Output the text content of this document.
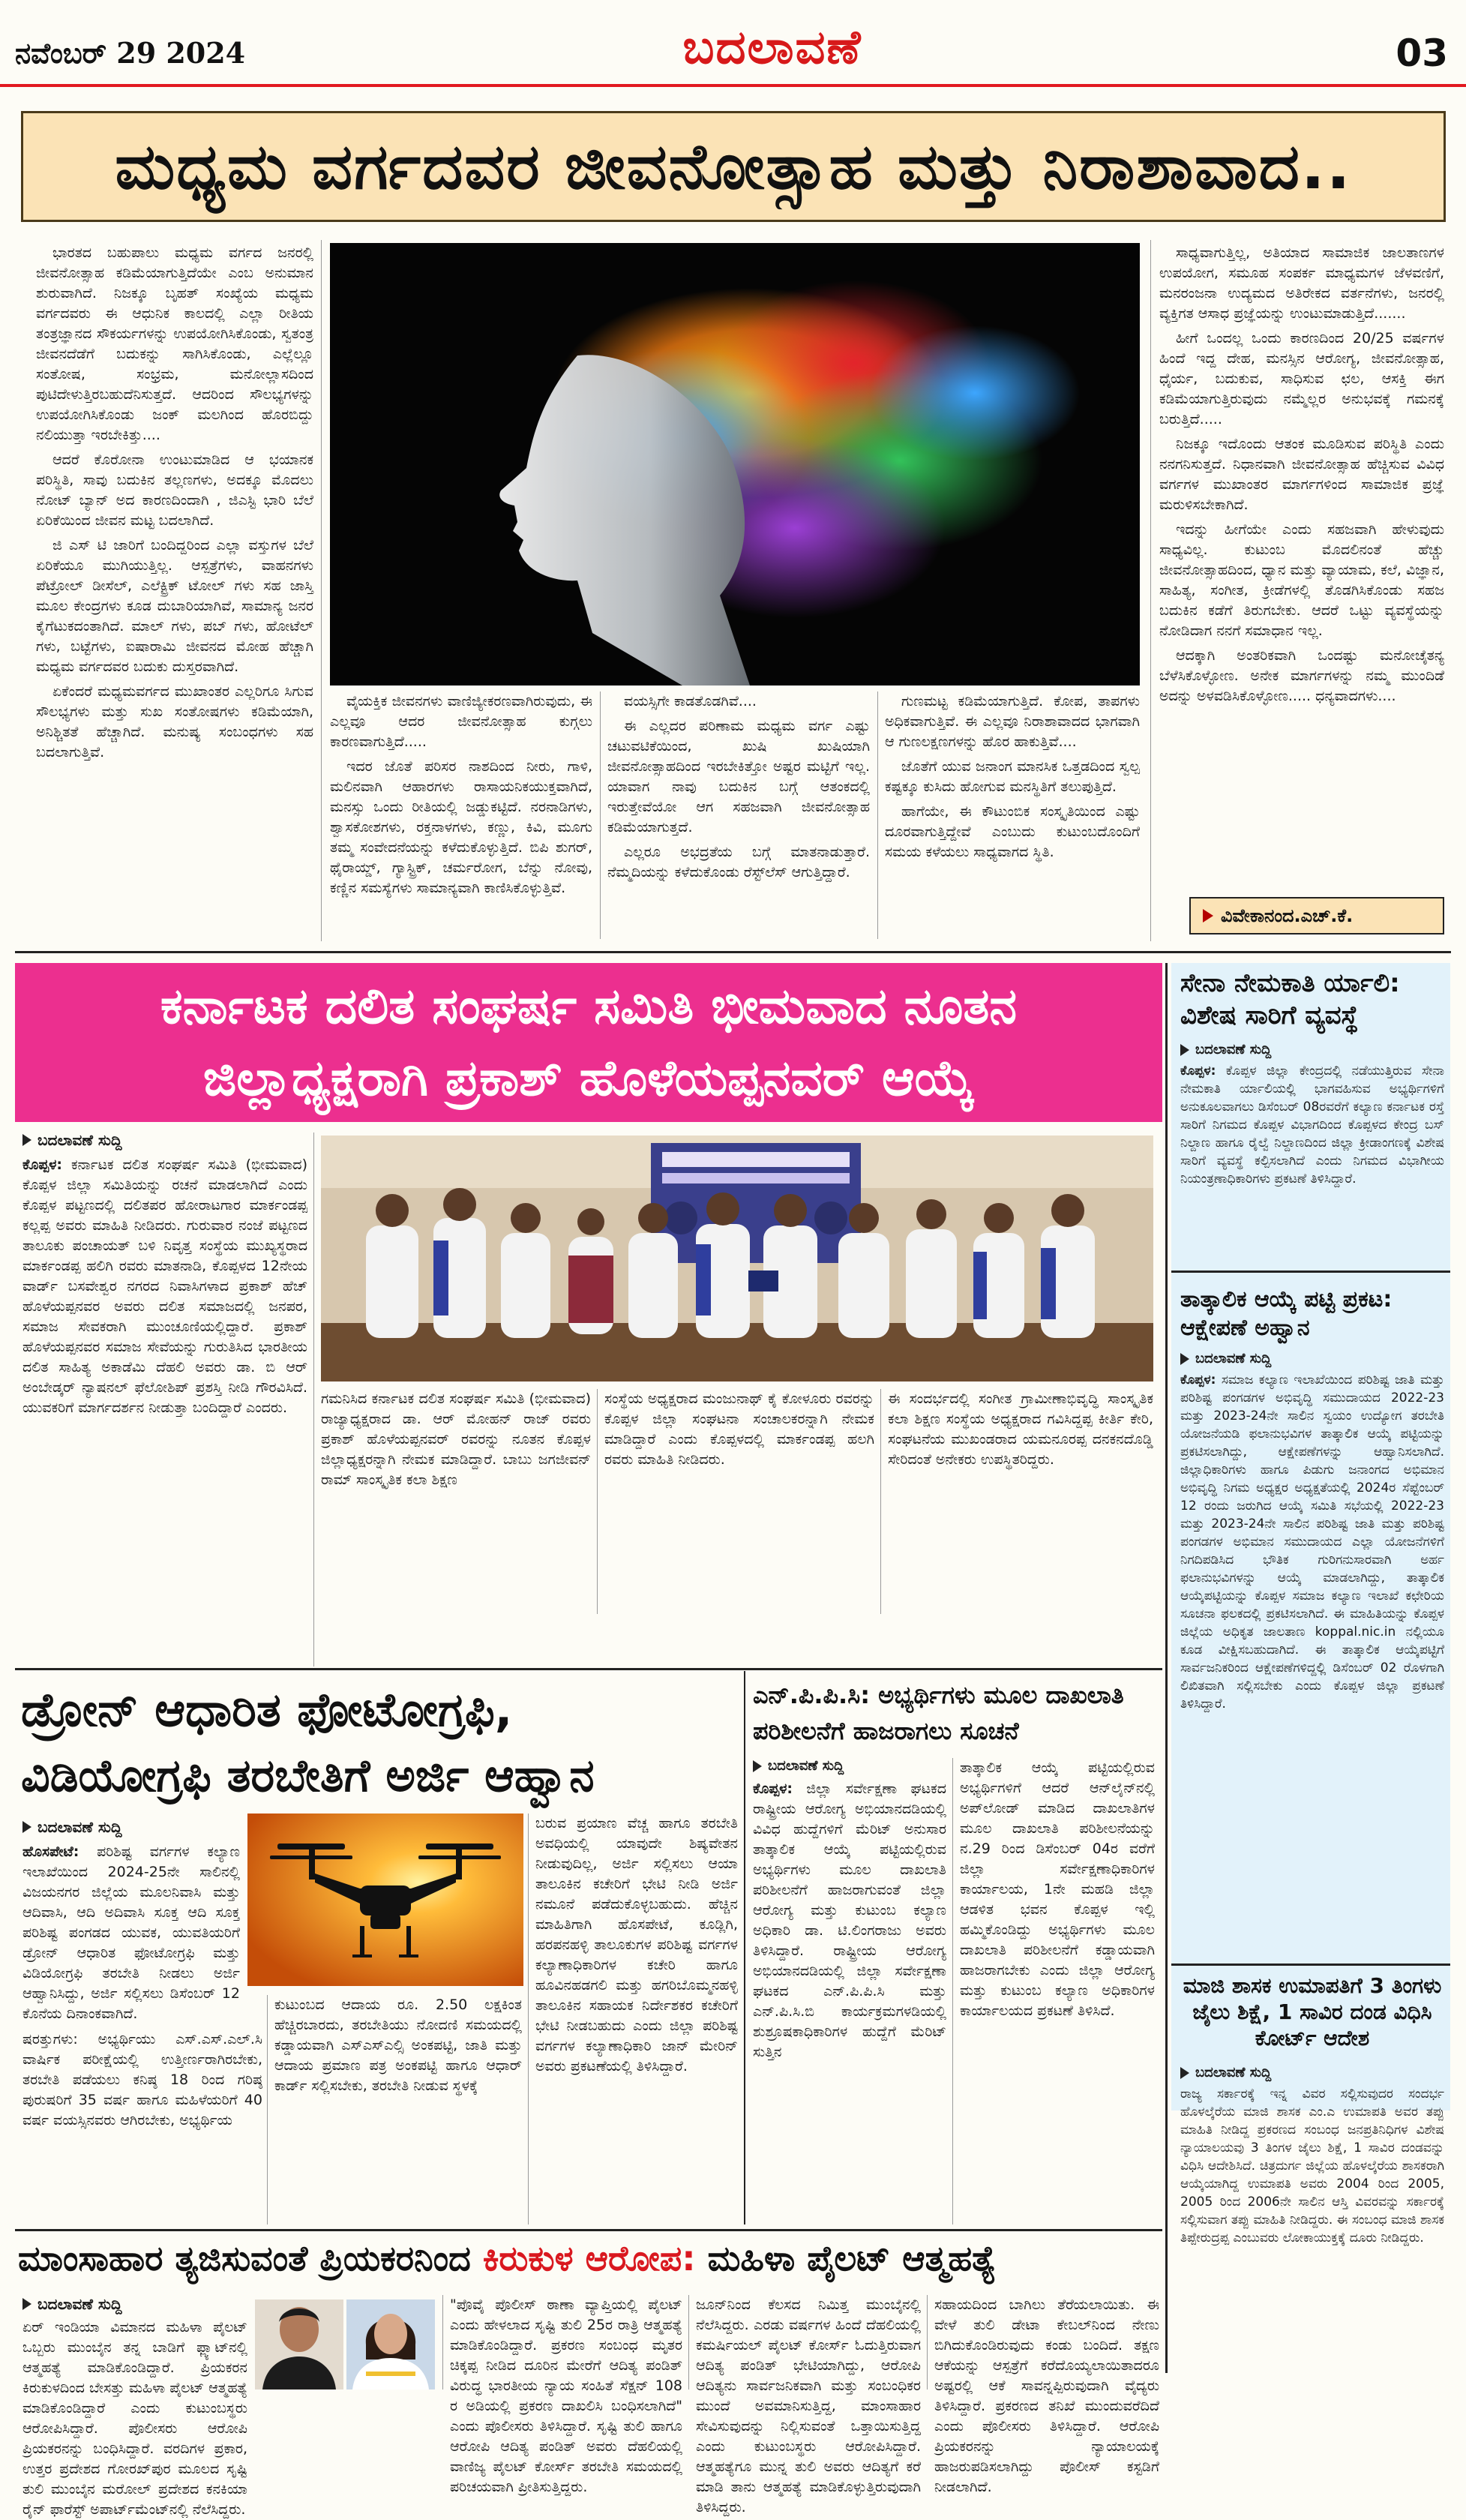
ನವೆಂಬರ್ 29 2024	ಬದಲಾವಣೆ	03
ಮಧ್ಯಮ ವರ್ಗದವರ ಜೀವನೋತ್ಸಾಹ ಮತ್ತು ನಿರಾಶಾವಾದ..

ಭಾರತದ ಬಹುಪಾಲು ಮಧ್ಯಮ ವರ್ಗದ ಜನರಲ್ಲಿ ಜೀವನೋತ್ಸಾಹ ಕಡಿಮೆಯಾಗುತ್ತಿದೆಯೇ ಎಂಬ ಅನುಮಾನ ಶುರುವಾಗಿದೆ. ನಿಜಕ್ಕೂ ಬೃಹತ್ ಸಂಖ್ಯೆಯ ಮಧ್ಯಮ ವರ್ಗದವರು ಈ ಆಧುನಿಕ ಕಾಲದಲ್ಲಿ ಎಲ್ಲಾ ರೀತಿಯ ತಂತ್ರಜ್ಞಾನದ ಸೌಕರ್ಯಗಳನ್ನು ಉಪಯೋಗಿಸಿಕೊಂಡು, ಸ್ವತಂತ್ರ ಜೀವನದೆಡೆಗೆ ಬದುಕನ್ನು ಸಾಗಿಸಿಕೊಂಡು, ಎಲ್ಲೆಲ್ಲೂ ಸಂತೋಷ, ಸಂಭ್ರಮ, ಮನೋಲ್ಲಾಸದಿಂದ ಪುಟಿದೇಳುತ್ತಿರಬಹುದೆನಿಸುತ್ತದೆ. ಆದರಿಂದ ಸೌಲಭ್ಯಗಳನ್ನು ಉಪಯೋಗಿಸಿಕೊಂಡು ಜಂಕ್ ಮಲಗಿಂದ ಹೊರಬಿದ್ದು ನಲಿಯುತ್ತಾ ಇರಬೇಕಿತ್ತು....

ಆದರೆ ಕೊರೋನಾ ಉಂಟುಮಾಡಿದ ಆ ಭಯಾನಕ ಪರಿಸ್ಥಿತಿ, ಸಾವು ಬದುಕಿನ ತಲ್ಲಣಗಳು, ಅದಕ್ಕೂ ಮೊದಲು ನೋಟ್ ಬ್ಯಾನ್ ಅದ ಕಾರಣದಿಂದಾಗಿ , ಜಿಎಸ್ಟಿ ಭಾರಿ ಬೆಲೆ ಏರಿಕೆಯಿಂದ ಜೀವನ ಮಟ್ಟ ಬದಲಾಗಿದೆ.

ಜಿ ಎಸ್ ಟಿ ಜಾರಿಗೆ ಬಂದಿದ್ದರಿಂದ ಎಲ್ಲಾ ವಸ್ತುಗಳ ಬೆಲೆ ಏರಿಕೆಯೂ ಮುಗಿಯುತ್ತಿಲ್ಲ. ಆಸ್ಪತ್ರೆಗಳು, ವಾಹನಗಳು ಪೆಟ್ರೋಲ್ ಡೀಸೆಲ್, ಎಲೆಕ್ಟ್ರಿಕ್ ಟೋಲ್ ಗಳು ಸಹ ಜಾಸ್ತಿ ಮೂಲ ಕೇಂದ್ರಗಳು ಕೂಡ ದುಬಾರಿಯಾಗಿವೆ, ಸಾಮಾನ್ಯ ಜನರ ಕೈಗೆಟುಕದಂತಾಗಿದೆ. ಮಾಲ್ ಗಳು, ಪಬ್ ಗಳು, ಹೋಟೆಲ್ ಗಳು, ಬಟ್ಟೆಗಳು, ಐಷಾರಾಮಿ ಜೀವನದ ಮೋಹ ಹೆಚ್ಚಾಗಿ ಮಧ್ಯಮ ವರ್ಗದವರ ಬದುಕು ದುಸ್ತರವಾಗಿದೆ.

ಏಕೆಂದರೆ ಮಧ್ಯಮವರ್ಗದ ಮುಖಾಂತರ ಎಲ್ಲರಿಗೂ ಸಿಗುವ ಸೌಲಭ್ಯಗಳು ಮತ್ತು ಸುಖ ಸಂತೋಷಗಳು ಕಡಿಮೆಯಾಗಿ, ಅನಿಶ್ಚಿತತೆ ಹೆಚ್ಚಾಗಿದೆ. ಮನುಷ್ಯ ಸಂಬಂಧಗಳು ಸಹ ಬದಲಾಗುತ್ತಿವೆ.

ವೈಯಕ್ತಿಕ ಜೀವನಗಳು ವಾಣಿಜ್ಯೀಕರಣವಾಗಿರುವುದು, ಈ ಎಲ್ಲವೂ ಆದರ ಜೀವನೋತ್ಸಾಹ ಕುಗ್ಗಲು ಕಾರಣವಾಗುತ್ತಿದೆ.....

ಇದರ ಜೊತೆ ಪರಿಸರ ನಾಶದಿಂದ ನೀರು, ಗಾಳಿ, ಮಲಿನವಾಗಿ ಆಹಾರಗಳು ರಾಸಾಯನಿಕಯುಕ್ತವಾಗಿದೆ, ಮನಸ್ಸು ಒಂದು ರೀತಿಯಲ್ಲಿ ಜಡ್ಡುಕಟ್ಟಿದೆ. ನರನಾಡಿಗಳು, ಶ್ವಾಸಕೋಶಗಳು, ರಕ್ತನಾಳಗಳು, ಕಣ್ಣು, ಕಿವಿ, ಮೂಗು ತಮ್ಮ ಸಂವೇದನೆಯನ್ನು ಕಳೆದುಕೊಳ್ಳುತ್ತಿದೆ. ಬಿಪಿ ಶುಗರ್, ಥೈರಾಯ್ಡ್, ಗ್ಯಾಸ್ಟ್ರಿಕ್, ಚರ್ಮರೋಗ, ಬೆನ್ನು ನೋವು, ಕಣ್ಣಿನ ಸಮಸ್ಯೆಗಳು ಸಾಮಾನ್ಯವಾಗಿ ಕಾಣಿಸಿಕೊಳ್ಳುತ್ತಿವೆ.

ವಯಸ್ಸಿಗೇ ಕಾಡತೊಡಗಿವೆ....

ಈ ಎಲ್ಲದರ ಪರಿಣಾಮ ಮಧ್ಯಮ ವರ್ಗ ಎಷ್ಟು ಚಟುವಟಿಕೆಯಿಂದ, ಖುಷಿ ಖುಷಿಯಾಗಿ ಜೀವನೋತ್ಸಾಹದಿಂದ ಇರಬೇಕಿತ್ತೋ ಅಷ್ಟರ ಮಟ್ಟಿಗೆ ಇಲ್ಲ. ಯಾವಾಗ ನಾವು ಬದುಕಿನ ಬಗ್ಗೆ ಆತಂಕದಲ್ಲಿ ಇರುತ್ತೇವೆಯೋ ಆಗ ಸಹಜವಾಗಿ ಜೀವನೋತ್ಸಾಹ ಕಡಿಮೆಯಾಗುತ್ತದೆ.

ಎಲ್ಲರೂ ಅಭದ್ರತೆಯ ಬಗ್ಗೆ ಮಾತನಾಡುತ್ತಾರೆ. ನೆಮ್ಮದಿಯನ್ನು ಕಳೆದುಕೊಂಡು ರೆಸ್ಟ್‌ಲೆಸ್ ಆಗುತ್ತಿದ್ದಾರೆ.

ಗುಣಮಟ್ಟ ಕಡಿಮೆಯಾಗುತ್ತಿದೆ. ಕೋಪ, ತಾಪಗಳು ಅಧಿಕವಾಗುತ್ತಿವೆ. ಈ ಎಲ್ಲವೂ ನಿರಾಶಾವಾದದ ಭಾಗವಾಗಿ ಆ ಗುಣಲಕ್ಷಣಗಳನ್ನು ಹೊರ ಹಾಕುತ್ತಿವೆ....

ಜೊತೆಗೆ ಯುವ ಜನಾಂಗ ಮಾನಸಿಕ ಒತ್ತಡದಿಂದ ಸ್ವಲ್ಪ ಕಷ್ಟಕ್ಕೂ ಕುಸಿದು ಹೋಗುವ ಮನಸ್ಥಿತಿಗೆ ತಲುಪುತ್ತಿದೆ.

ಹಾಗೆಯೇ, ಈ ಕೌಟುಂಬಿಕ ಸಂಸ್ಕೃತಿಯಿಂದ ಎಷ್ಟು ದೂರವಾಗುತ್ತಿದ್ದೇವೆ ಎಂಬುದು ಕುಟುಂಬದೊಂದಿಗೆ ಸಮಯ ಕಳೆಯಲು ಸಾಧ್ಯವಾಗದ ಸ್ಥಿತಿ.

ಸಾಧ್ಯವಾಗುತ್ತಿಲ್ಲ, ಅತಿಯಾದ ಸಾಮಾಜಿಕ ಜಾಲತಾಣಗಳ ಉಪಯೋಗ, ಸಮೂಹ ಸಂಪರ್ಕ ಮಾಧ್ಯಮಗಳ ಜೆಳವಣಿಗೆ, ಮನರಂಜನಾ ಉದ್ಯಮದ ಅತಿರೇಕದ ವರ್ತನೆಗಳು, ಜನರಲ್ಲಿ ವ್ಯಕ್ತಿಗತ ಆಸಾಧ ಪ್ರಜ್ಞೆಯನ್ನು ಉಂಟುಮಾಡುತ್ತಿದೆ.......

ಹೀಗೆ ಒಂದಲ್ಲ ಒಂದು ಕಾರಣದಿಂದ 20/25 ವರ್ಷಗಳ ಹಿಂದೆ ಇದ್ದ ದೇಹ, ಮನಸ್ಸಿನ ಆರೋಗ್ಯ, ಜೀವನೋತ್ಸಾಹ, ಧೈರ್ಯ, ಬದುಕುವ, ಸಾಧಿಸುವ ಛಲ, ಆಸಕ್ತಿ ಈಗ ಕಡಿಮೆಯಾಗುತ್ತಿರುವುದು ನಮ್ಮೆಲ್ಲರ ಅನುಭವಕ್ಕೆ ಗಮನಕ್ಕೆ ಬರುತ್ತಿದೆ.....

ನಿಜಕ್ಕೂ ಇದೊಂದು ಆತಂಕ ಮೂಡಿಸುವ ಪರಿಸ್ಥಿತಿ ಎಂದು ನನಗನಿಸುತ್ತದೆ. ನಿಧಾನವಾಗಿ ಜೀವನೋತ್ಸಾಹ ಹೆಚ್ಚಿಸುವ ವಿವಿಧ ವರ್ಗಗಳ ಮುಖಾಂತರ ಮಾರ್ಗಗಳಿಂದ ಸಾಮಾಜಿಕ ಪ್ರಜ್ಞೆ ಮರುಳಿಸಬೇಕಾಗಿದೆ.

ಇದನ್ನು ಹೀಗೆಯೇ ಎಂದು ಸಹಜವಾಗಿ ಹೇಳುವುದು ಸಾಧ್ಯವಿಲ್ಲ. ಕುಟುಂಬ ಮೊದಲಿನಂತೆ ಹೆಚ್ಚು ಜೀವನೋತ್ಸಾಹದಿಂದ, ಧ್ಯಾನ ಮತ್ತು ವ್ಯಾಯಾಮ, ಕಲೆ, ವಿಜ್ಞಾನ, ಸಾಹಿತ್ಯ, ಸಂಗೀತ, ಕ್ರೀಡೆಗಳಲ್ಲಿ ತೊಡಗಿಸಿಕೊಂಡು ಸಹಜ ಬದುಕಿನ ಕಡೆಗೆ ತಿರುಗಬೇಕು. ಆದರೆ ಒಟ್ಟು ವ್ಯವಸ್ಥೆಯನ್ನು ನೋಡಿದಾಗ ನನಗೆ ಸಮಾಧಾನ ಇಲ್ಲ.

ಆದಕ್ಕಾಗಿ ಅಂತರಿಕವಾಗಿ ಒಂದಷ್ಟು ಮನೋಚೈತನ್ಯ ಬೆಳೆಸಿಕೊಳ್ಳೋಣ. ಅನೇಕ ಮಾರ್ಗಗಳನ್ನು ನಮ್ಮ ಮುಂದಿಡೆ ಅದನ್ನು ಅಳವಡಿಸಿಕೊಳ್ಳೋಣ..... ಧನ್ಯವಾದಗಳು....

ವಿವೇಕಾನಂದ.ಎಚ್.ಕೆ.
ಕರ್ನಾಟಕ ದಲಿತ ಸಂಘರ್ಷ ಸಮಿತಿ ಭೀಮವಾದ ನೂತನ
ಜಿಲ್ಲಾಧ್ಯಕ್ಷರಾಗಿ ಪ್ರಕಾಶ್ ಹೊಳೆಯಪ್ಪನವರ್ ಆಯ್ಕೆ
ಬದಲಾವಣೆ ಸುದ್ದಿ

ಕೊಪ್ಪಳ: ಕರ್ನಾಟಕ ದಲಿತ ಸಂಘರ್ಷ ಸಮಿತಿ (ಭೀಮವಾದ) ಕೊಪ್ಪಳ ಜಿಲ್ಲಾ ಸಮಿತಿಯನ್ನು ರಚನೆ ಮಾಡಲಾಗಿದೆ ಎಂದು ಕೊಪ್ಪಳ ಪಟ್ಟಣದಲ್ಲಿ ದಲಿತಪರ ಹೋರಾಟಗಾರ ಮಾರ್ಕಂಡಪ್ಪ ಕಲ್ಲಪ್ಪ ಅವರು ಮಾಹಿತಿ ನೀಡಿದರು. ಗುರುವಾರ ನಂಜೆ ಪಟ್ಟಣದ ತಾಲೂಕು ಪಂಚಾಯತ್ ಬಳಿ ನಿವೃತ್ತ ಸಂಸ್ಥೆಯ ಮುಖ್ಯಸ್ಥರಾದ ಮಾರ್ಕಂಡಪ್ಪ ಹಲಿಗಿ ರವರು ಮಾತನಾಡಿ, ಕೊಪ್ಪಳದ 12ನೇಯ ವಾರ್ಡ್ ಬಸವೇಶ್ವರ ನಗರದ ನಿವಾಸಿಗಳಾದ ಪ್ರಕಾಶ್ ಹೆಚ್ ಹೊಳೆಯಪ್ಪನವರ ಅವರು ದಲಿತ ಸಮಾಜದಲ್ಲಿ ಜನಪರ, ಸಮಾಜ ಸೇವಕರಾಗಿ ಮುಂಚೂಣಿಯಲ್ಲಿದ್ದಾರೆ. ಪ್ರಕಾಶ್ ಹೊಳೆಯಪ್ಪನವರ ಸಮಾಜ ಸೇವೆಯನ್ನು ಗುರುತಿಸಿದ ಭಾರತೀಯ ದಲಿತ ಸಾಹಿತ್ಯ ಅಕಾಡೆಮಿ ದೆಹಲಿ ಅವರು ಡಾ. ಬಿ ಆರ್ ಅಂಬೇಡ್ಕರ್ ನ್ಯಾಷನಲ್ ಫೆಲೋಶಿಪ್ ಪ್ರಶಸ್ತಿ ನೀಡಿ ಗೌರವಿಸಿದೆ. ಯುವಕರಿಗೆ ಮಾರ್ಗದರ್ಶನ ನೀಡುತ್ತಾ ಬಂದಿದ್ದಾರೆ ಎಂದರು.

ಗಮನಿಸಿದ ಕರ್ನಾಟಕ ದಲಿತ ಸಂಘರ್ಷ ಸಮಿತಿ (ಭೀಮವಾದ) ರಾಜ್ಯಾಧ್ಯಕ್ಷರಾದ ಡಾ. ಆರ್ ಮೋಹನ್ ರಾಜ್ ರವರು ಪ್ರಕಾಶ್ ಹೊಳೆಯಪ್ಪನವರ್ ರವರನ್ನು ನೂತನ ಕೊಪ್ಪಳ ಜಿಲ್ಲಾಧ್ಯಕ್ಷರನ್ನಾಗಿ ನೇಮಕ ಮಾಡಿದ್ದಾರೆ. ಬಾಬು ಜಗಜೀವನ್ ರಾಮ್ ಸಾಂಸ್ಕೃತಿಕ ಕಲಾ ಶಿಕ್ಷಣ

ಸಂಸ್ಥೆಯ ಅಧ್ಯಕ್ಷರಾದ ಮಂಜುನಾಥ್ ಕೈ ಕೋಳೂರು ರವರನ್ನು ಕೊಪ್ಪಳ ಜಿಲ್ಲಾ ಸಂಘಟನಾ ಸಂಚಾಲಕರನ್ನಾಗಿ ನೇಮಕ ಮಾಡಿದ್ದಾರೆ ಎಂದು ಕೊಪ್ಪಳದಲ್ಲಿ ಮಾರ್ಕಂಡಪ್ಪ ಹಲಗಿ ರವರು ಮಾಹಿತಿ ನೀಡಿದರು.

ಈ ಸಂದರ್ಭದಲ್ಲಿ ಸಂಗೀತ ಗ್ರಾಮೀಣಾಭಿವೃದ್ಧಿ ಸಾಂಸ್ಕೃತಿಕ ಕಲಾ ಶಿಕ್ಷಣ ಸಂಸ್ಥೆಯ ಅಧ್ಯಕ್ಷರಾದ ಗವಿಸಿದ್ದಪ್ಪ ಕೀರ್ತಿ ಕೇರಿ, ಸಂಘಟನೆಯ ಮುಖಂಡರಾದ ಯಮನೂರಪ್ಪ ದನಕನದೊಡ್ಡಿ ಸೇರಿದಂತೆ ಅನೇಕರು ಉಪಸ್ಥಿತರಿದ್ದರು.

ಸೇನಾ ನೇಮಕಾತಿ ರ್ಯಾಲಿ: ವಿಶೇಷ ಸಾರಿಗೆ ವ್ಯವಸ್ಥೆ
ಬದಲಾವಣೆ ಸುದ್ದಿ

ಕೊಪ್ಪಳ: ಕೊಪ್ಪಳ ಜಿಲ್ಲಾ ಕೇಂದ್ರದಲ್ಲಿ ನಡೆಯುತ್ತಿರುವ ಸೇನಾ ನೇಮಕಾತಿ ರ್ಯಾಲಿಯಲ್ಲಿ ಭಾಗವಹಿಸುವ ಅಭ್ಯರ್ಥಿಗಳಿಗೆ ಅನುಕೂಲವಾಗಲು ಡಿಸೆಂಬರ್ 08ರವರೆಗೆ ಕಲ್ಯಾಣ ಕರ್ನಾಟಕ ರಸ್ತೆ ಸಾರಿಗೆ ನಿಗಮದ ಕೊಪ್ಪಳ ವಿಭಾಗದಿಂದ ಕೊಪ್ಪಳದ ಕೇಂದ್ರ ಬಸ್ ನಿಲ್ದಾಣ ಹಾಗೂ ರೈಲ್ವೆ ನಿಲ್ದಾಣದಿಂದ ಜಿಲ್ಲಾ ಕ್ರೀಡಾಂಗಣಕ್ಕೆ ವಿಶೇಷ ಸಾರಿಗೆ ವ್ಯವಸ್ಥೆ ಕಲ್ಪಿಸಲಾಗಿದೆ ಎಂದು ನಿಗಮದ ವಿಭಾಗೀಯ ನಿಯಂತ್ರಣಾಧಿಕಾರಿಗಳು ಪ್ರಕಟಣೆ ತಿಳಿಸಿದ್ದಾರೆ.

ತಾತ್ಕಾಲಿಕ ಆಯ್ಕೆ ಪಟ್ಟಿ ಪ್ರಕಟ: ಆಕ್ಷೇಪಣೆ ಅಹ್ವಾನ
ಬದಲಾವಣೆ ಸುದ್ದಿ

ಕೊಪ್ಪಳ: ಸಮಾಜ ಕಲ್ಯಾಣ ಇಲಾಖೆಯಿಂದ ಪರಿಶಿಷ್ಟ ಜಾತಿ ಮತ್ತು ಪರಿಶಿಷ್ಟ ಪಂಗಡಗಳ ಅಭಿವೃದ್ಧಿ ಸಮುದಾಯದ 2022-23 ಮತ್ತು 2023-24ನೇ ಸಾಲಿನ ಸ್ವಯಂ ಉದ್ಯೋಗ ತರಬೇತಿ ಯೋಜನೆಯಡಿ ಫಲಾನುಭವಿಗಳ ತಾತ್ಕಾಲಿಕ ಆಯ್ಕೆ ಪಟ್ಟಿಯನ್ನು ಪ್ರಕಟಿಸಲಾಗಿದ್ದು, ಆಕ್ಷೇಪಣೆಗಳನ್ನು ಆಹ್ವಾನಿಸಲಾಗಿದೆ. ಜಿಲ್ಲಾಧಿಕಾರಿಗಳು ಹಾಗೂ ಪಿಡುಗು ಜನಾಂಗದ ಅಭಿಮಾನ ಅಭಿವೃದ್ಧಿ ನಿಗಮ ಅಧ್ಯಕ್ಷರ ಅಧ್ಯಕ್ಷತೆಯಲ್ಲಿ 2024ರ ಸೆಪ್ಟೆಂಬರ್ 12 ರಂದು ಜರುಗಿದ ಆಯ್ಕೆ ಸಮಿತಿ ಸಭೆಯಲ್ಲಿ 2022-23 ಮತ್ತು 2023-24ನೇ ಸಾಲಿನ ಪರಿಶಿಷ್ಟ ಜಾತಿ ಮತ್ತು ಪರಿಶಿಷ್ಟ ಪಂಗಡಗಳ ಅಭಿಮಾನ ಸಮುದಾಯದ ಎಲ್ಲಾ ಯೋಜನೆಗಳಿಗೆ ನಿಗದಿಪಡಿಸಿದ ಭೌತಿಕ ಗುರಿಗನುಸಾರವಾಗಿ ಅರ್ಹ ಫಲಾನುಭವಿಗಳನ್ನು ಆಯ್ಕೆ ಮಾಡಲಾಗಿದ್ದು, ತಾತ್ಕಾಲಿಕ ಆಯ್ಕೆಪಟ್ಟಿಯನ್ನು ಕೊಪ್ಪಳ ಸಮಾಜ ಕಲ್ಯಾಣ ಇಲಾಖೆ ಕಛೇರಿಯ ಸೂಚನಾ ಫಲಕದಲ್ಲಿ ಪ್ರಕಟಿಸಲಾಗಿದೆ. ಈ ಮಾಹಿತಿಯನ್ನು ಕೊಪ್ಪಳ ಜಿಲ್ಲೆಯ ಅಧಿಕೃತ ಜಾಲತಾಣ koppal.nic.in ನಲ್ಲಿಯೂ ಕೂಡ ವೀಕ್ಷಿಸಬಹುದಾಗಿದೆ. ಈ ತಾತ್ಕಾಲಿಕ ಆಯ್ಕೆಪಟ್ಟಿಗೆ ಸಾರ್ವಜನಿಕರಿಂದ ಆಕ್ಷೇಪಣೆಗಳಿದ್ದಲ್ಲಿ ಡಿಸೆಂಬರ್ 02 ರೊಳಗಾಗಿ ಲಿಖಿತವಾಗಿ ಸಲ್ಲಿಸಬೇಕು ಎಂದು ಕೊಪ್ಪಳ ಜಿಲ್ಲಾ ಪ್ರಕಟಣೆ ತಿಳಿಸಿದ್ದಾರೆ.

ಮಾಜಿ ಶಾಸಕ ಉಮಾಪತಿಗೆ 3 ತಿಂಗಳು ಜೈಲು ಶಿಕ್ಷೆ, 1 ಸಾವಿರ ದಂಡ ವಿಧಿಸಿ ಕೋರ್ಟ್ ಆದೇಶ
ಬದಲಾವಣೆ ಸುದ್ದಿ

ರಾಜ್ಯ ಸರ್ಕಾರಕ್ಕೆ ಇನ್ನ ವಿವರ ಸಲ್ಲಿಸುವುದರ ಸಂದರ್ಭ ಹೊಳಲ್ಕೆರೆಯ ಮಾಜಿ ಶಾಸಕ ಎಂ.ಎ ಉಮಾಪತಿ ಅವರ ತಪ್ಪು ಮಾಹಿತಿ ನೀಡಿದ್ದ ಪ್ರಕರಣದ ಸಂಬಂಧ ಜನಪ್ರತಿನಿಧಿಗಳ ವಿಶೇಷ ನ್ಯಾಯಾಲಯವು 3 ತಿಂಗಳ ಜೈಲು ಶಿಕ್ಷೆ, 1 ಸಾವಿರ ದಂಡವನ್ನು ವಿಧಿಸಿ ಆದೇಶಿಸಿದೆ. ಚಿತ್ರದುರ್ಗ ಜಿಲ್ಲೆಯ ಹೊಳಲ್ಕೆರೆಯ ಶಾಸಕರಾಗಿ ಆಯ್ಕೆಯಾಗಿದ್ದ ಉಮಾಪತಿ ಅವರು 2004 ರಿಂದ 2005, 2005 ರಿಂದ 2006ನೇ ಸಾಲಿನ ಆಸ್ತಿ ವಿವರವನ್ನು ಸರ್ಕಾರಕ್ಕೆ ಸಲ್ಲಿಸುವಾಗ ತಪ್ಪು ಮಾಹಿತಿ ನೀಡಿದ್ದರು. ಈ ಸಂಬಂಧ ಮಾಜಿ ಶಾಸಕ ತಿಪ್ಪೇರುದ್ರಪ್ಪ ಎಂಬುವರು ಲೋಕಾಯುಕ್ತಕ್ಕೆ ದೂರು ನೀಡಿದ್ದರು.

ಡ್ರೋನ್ ಆಧಾರಿತ ಫೋಟೋಗ್ರಫಿ,
ವಿಡಿಯೋಗ್ರಫಿ ತರಬೇತಿಗೆ ಅರ್ಜಿ ಆಹ್ವಾನ
ಬದಲಾವಣೆ ಸುದ್ದಿ

ಹೊಸಪೇಟೆ: ಪರಿಶಿಷ್ಟ ವರ್ಗಗಳ ಕಲ್ಯಾಣ ಇಲಾಖೆಯಿಂದ 2024-25ನೇ ಸಾಲಿನಲ್ಲಿ ವಿಜಯನಗರ ಜಿಲ್ಲೆಯ ಮೂಲನಿವಾಸಿ ಮತ್ತು ಆದಿವಾಸಿ, ಆದಿ ಅದಿವಾಸಿ ಸೂಕ್ತ ಆದಿ ಸೂಕ್ತ ಪರಿಶಿಷ್ಟ ಪಂಗಡದ ಯುವಕ, ಯುವತಿಯರಿಗೆ ಡ್ರೋನ್ ಆಧಾರಿತ ಫೋಟೋಗ್ರಫಿ ಮತ್ತು ವಿಡಿಯೋಗ್ರಫಿ ತರಬೇತಿ ನೀಡಲು ಅರ್ಜಿ ಆಹ್ವಾನಿಸಿದ್ದು, ಅರ್ಜಿ ಸಲ್ಲಿಸಲು ಡಿಸೆಂಬರ್ 12 ಕೊನೆಯ ದಿನಾಂಕವಾಗಿದೆ.

ಷರತ್ತುಗಳು: ಅಭ್ಯರ್ಥಿಯು ಎಸ್.ಎಸ್.ಎಲ್.ಸಿ ವಾರ್ಷಿಕ ಪರೀಕ್ಷೆಯಲ್ಲಿ ಉತ್ತೀರ್ಣರಾಗಿರಬೇಕು, ತರಬೇತಿ ಪಡೆಯಲು ಕನಿಷ್ಠ 18 ರಿಂದ ಗರಿಷ್ಠ ಪುರುಷರಿಗೆ 35 ವರ್ಷ ಹಾಗೂ ಮಹಿಳೆಯರಿಗೆ 40 ವರ್ಷ ವಯಸ್ಸಿನವರು ಆಗಿರಬೇಕು, ಅಭ್ಯರ್ಥಿಯ

ಕುಟುಂಬದ ಆದಾಯ ರೂ. 2.50 ಲಕ್ಷಕಿಂತ ಹೆಚ್ಚಿರಬಾರದು, ತರಬೇತಿಯು ನೋದಣಿ ಸಮಯದಲ್ಲಿ ಕಡ್ಡಾಯವಾಗಿ ಎಸ್ಎಸ್ಎಲ್ಸಿ ಅಂಕಪಟ್ಟಿ, ಜಾತಿ ಮತ್ತು ಆದಾಯ ಪ್ರಮಾಣ ಪತ್ರ ಅಂಕಪಟ್ಟಿ ಹಾಗೂ ಆಧಾರ್ ಕಾರ್ಡ್ ಸಲ್ಲಿಸಬೇಕು, ತರಬೇತಿ ನೀಡುವ ಸ್ಥಳಕ್ಕೆ

ಬರುವ ಪ್ರಯಾಣ ವೆಚ್ಚ ಹಾಗೂ ತರಬೇತಿ ಅವಧಿಯಲ್ಲಿ ಯಾವುದೇ ಶಿಷ್ಯವೇತನ ನೀಡುವುದಿಲ್ಲ, ಅರ್ಜಿ ಸಲ್ಲಿಸಲು ಆಯಾ ತಾಲೂಕಿನ ಕಚೇರಿಗೆ ಭೇಟಿ ನೀಡಿ ಅರ್ಜಿ ನಮೂನೆ ಪಡೆದುಕೊಳ್ಳಬಹುದು. ಹೆಚ್ಚಿನ ಮಾಹಿತಿಗಾಗಿ ಹೊಸಪೇಟೆ, ಕೂಡ್ಲಿಗಿ, ಹರಪನಹಳ್ಳಿ ತಾಲೂಕುಗಳ ಪರಿಶಿಷ್ಟ ವರ್ಗಗಳ ಕಲ್ಯಾಣಾಧಿಕಾರಿಗಳ ಕಚೇರಿ ಹಾಗೂ ಹೂವಿನಹಡಗಲಿ ಮತ್ತು ಹಗರಿಬೊಮ್ಮನಹಳ್ಳಿ ತಾಲೂಕಿನ ಸಹಾಯಕ ನಿರ್ದೇಶಕರ ಕಚೇರಿಗೆ ಭೇಟಿ ನೀಡಬಹುದು ಎಂದು ಜಿಲ್ಲಾ ಪರಿಶಿಷ್ಟ ವರ್ಗಗಳ ಕಲ್ಯಾಣಾಧಿಕಾರಿ ಜಾನ್ ಮೇರಿನ್ ಅವರು ಪ್ರಕಟಣೆಯಲ್ಲಿ ತಿಳಿಸಿದ್ದಾರೆ.

ಎನ್.ಪಿ.ಪಿ.ಸಿ: ಅಭ್ಯರ್ಥಿಗಳು ಮೂಲ ದಾಖಲಾತಿ
ಪರಿಶೀಲನೆಗೆ ಹಾಜರಾಗಲು ಸೂಚನೆ
ಬದಲಾವಣೆ ಸುದ್ದಿ

ಕೊಪ್ಪಳ: ಜಿಲ್ಲಾ ಸರ್ವೇಕ್ಷಣಾ ಘಟಕದ ರಾಷ್ಟ್ರೀಯ ಆರೋಗ್ಯ ಅಭಿಯಾನದಡಿಯಲ್ಲಿ ವಿವಿಧ ಹುದ್ದೆಗಳಿಗೆ ಮೆರಿಟ್ ಅನುಸಾರ ತಾತ್ಕಾಲಿಕ ಆಯ್ಕೆ ಪಟ್ಟಿಯಲ್ಲಿರುವ ಅಭ್ಯರ್ಥಿಗಳು ಮೂಲ ದಾಖಲಾತಿ ಪರಿಶೀಲನೆಗೆ ಹಾಜರಾಗುವಂತೆ ಜಿಲ್ಲಾ ಆರೋಗ್ಯ ಮತ್ತು ಕುಟುಂಬ ಕಲ್ಯಾಣ ಅಧಿಕಾರಿ ಡಾ. ಟಿ.ಲಿಂಗರಾಜು ಅವರು ತಿಳಿಸಿದ್ದಾರೆ. ರಾಷ್ಟ್ರೀಯ ಆರೋಗ್ಯ ಅಭಿಯಾನದಡಿಯಲ್ಲಿ ಜಿಲ್ಲಾ ಸರ್ವೇಕ್ಷಣಾ ಘಟಕದ ಎನ್.ಪಿ.ಪಿ.ಸಿ ಮತ್ತು ಎನ್.ಪಿ.ಸಿ.ಬಿ ಕಾರ್ಯಕ್ರಮಗಳಡಿಯಲ್ಲಿ ಶುಶ್ರೂಷಕಾಧಿಕಾರಿಗಳ ಹುದ್ದೆಗೆ ಮೆರಿಟ್ ಸುತ್ತಿನ

ತಾತ್ಕಾಲಿಕ ಆಯ್ಕೆ ಪಟ್ಟಿಯಲ್ಲಿರುವ ಅಭ್ಯರ್ಥಿಗಳಿಗೆ ಆದರೆ ಆನ್‌ಲೈನ್‌ನಲ್ಲಿ ಅಪ್‌ಲೋಡ್ ಮಾಡಿದ ದಾಖಲಾತಿಗಳ ಮೂಲ ದಾಖಲಾತಿ ಪರಿಶೀಲನೆಯನ್ನು ನ.29 ರಿಂದ ಡಿಸೆಂಬರ್ 04ರ ವರೆಗೆ ಜಿಲ್ಲಾ ಸರ್ವೇಕ್ಷಣಾಧಿಕಾರಿಗಳ ಕಾರ್ಯಾಲಯ, 1ನೇ ಮಹಡಿ ಜಿಲ್ಲಾ ಆಡಳಿತ ಭವನ ಕೊಪ್ಪಳ ಇಲ್ಲಿ ಹಮ್ಮಿಕೊಂಡಿದ್ದು ಅಭ್ಯರ್ಥಿಗಳು ಮೂಲ ದಾಖಲಾತಿ ಪರಿಶೀಲನೆಗೆ ಕಡ್ಡಾಯವಾಗಿ ಹಾಜರಾಗಬೇಕು ಎಂದು ಜಿಲ್ಲಾ ಆರೋಗ್ಯ ಮತ್ತು ಕುಟುಂಬ ಕಲ್ಯಾಣ ಅಧಿಕಾರಿಗಳ ಕಾರ್ಯಾಲಯದ ಪ್ರಕಟಣೆ ತಿಳಿಸಿದೆ.

ಮಾಂಸಾಹಾರ ತ್ಯಜಿಸುವಂತೆ ಪ್ರಿಯಕರನಿಂದ ಕಿರುಕುಳ ಆರೋಪ: ಮಹಿಳಾ ಪೈಲಟ್ ಆತ್ಮಹತ್ಯೆ
ಬದಲಾವಣೆ ಸುದ್ದಿ

ಏರ್ ಇಂಡಿಯಾ ವಿಮಾನದ ಮಹಿಳಾ ಪೈಲಟ್ ಒಬ್ಬರು ಮುಂಬೈನ ತನ್ನ ಬಾಡಿಗೆ ಫ್ಲ್ಯಾಟ್‌ನಲ್ಲಿ ಆತ್ಮಹತ್ಯೆ ಮಾಡಿಕೊಂಡಿದ್ದಾರೆ. ಪ್ರಿಯಕರನ ಕಿರುಕುಳದಿಂದ ಬೇಸತ್ತು ಮಹಿಳಾ ಪೈಲಟ್ ಆತ್ಮಹತ್ಯೆ ಮಾಡಿಕೊಂಡಿದ್ದಾರೆ ಎಂದು ಕುಟುಂಬಸ್ಥರು ಆರೋಪಿಸಿದ್ದಾರೆ. ಪೊಲೀಸರು ಆರೋಪಿ ಪ್ರಿಯಕರನನ್ನು ಬಂಧಿಸಿದ್ದಾರೆ. ವರದಿಗಳ ಪ್ರಕಾರ, ಉತ್ತರ ಪ್ರದೇಶದ ಗೋರಖ್‌ಪುರ ಮೂಲದ ಸೃಷ್ಟಿ ತುಲಿ ಮುಂಬೈನ ಮರೋಲ್ ಪ್ರದೇಶದ ಕನಕಿಯಾ ರೈನ್ ಫಾರೆಸ್ಟ್ ಅಪಾರ್ಟ್‌ಮೆಂಟ್‌ನಲ್ಲಿ ನೆಲೆಸಿದ್ದರು.

"ಪೊವೈ ಪೊಲೀಸ್ ಠಾಣಾ ವ್ಯಾಪ್ತಿಯಲ್ಲಿ ಪೈಲಟ್ ಎಂದು ಹೇಳಲಾದ ಸೃಷ್ಟಿ ತುಲಿ 25ರ ರಾತ್ರಿ ಆತ್ಮಹತ್ಯೆ ಮಾಡಿಕೊಂಡಿದ್ದಾರೆ. ಪ್ರಕರಣ ಸಂಬಂಧ ಮೃತರ ಚಿಕ್ಕಪ್ಪ ನೀಡಿದ ದೂರಿನ ಮೇರೆಗೆ ಆದಿತ್ಯ ಪಂಡಿತ್ ವಿರುದ್ಧ ಭಾರತೀಯ ನ್ಯಾಯ ಸಂಹಿತೆ ಸೆಕ್ಷನ್ 108 ರ ಅಡಿಯಲ್ಲಿ ಪ್ರಕರಣ ದಾಖಲಿಸಿ ಬಂಧಿಸಲಾಗಿದೆ" ಎಂದು ಪೊಲೀಸರು ತಿಳಿಸಿದ್ದಾರೆ. ಸೃಷ್ಟಿ ತುಲಿ ಹಾಗೂ ಆರೋಪಿ ಆದಿತ್ಯ ಪಂಡಿತ್ ಅವರು ದೆಹಲಿಯಲ್ಲಿ ವಾಣಿಜ್ಯ ಪೈಲಟ್ ಕೋರ್ಸ್ ತರಬೇತಿ ಸಮಯದಲ್ಲಿ ಪರಿಚಯವಾಗಿ ಪ್ರೀತಿಸುತ್ತಿದ್ದರು.

ಜೂನ್‌ನಿಂದ ಕೆಲಸದ ನಿಮಿತ್ತ ಮುಂಬೈನಲ್ಲಿ ನೆಲೆಸಿದ್ದರು. ಎರಡು ವರ್ಷಗಳ ಹಿಂದೆ ದೆಹಲಿಯಲ್ಲಿ ಕಮರ್ಷಿಯಲ್ ಪೈಲಟ್ ಕೋರ್ಸ್ ಓದುತ್ತಿರುವಾಗ ಆದಿತ್ಯ ಪಂಡಿತ್ ಭೇಟಿಯಾಗಿದ್ದು, ಆರೋಪಿ ಆದಿತ್ಯನು ಸಾರ್ವಜನಿಕವಾಗಿ ಮತ್ತು ಸಂಬಂಧಿಕರ ಮುಂದೆ ಅವಮಾನಿಸುತ್ತಿದ್ದ, ಮಾಂಸಾಹಾರ ಸೇವಿಸುವುದನ್ನು ನಿಲ್ಲಿಸುವಂತೆ ಒತ್ತಾಯಿಸುತ್ತಿದ್ದ ಎಂದು ಕುಟುಂಬಸ್ಥರು ಆರೋಪಿಸಿದ್ದಾರೆ. ಆತ್ಮಹತ್ಯೆಗೂ ಮುನ್ನ ತುಲಿ ಅವರು ಆದಿತ್ಯಗೆ ಕರೆ ಮಾಡಿ ತಾನು ಆತ್ಮಹತ್ಯೆ ಮಾಡಿಕೊಳ್ಳುತ್ತಿರುವುದಾಗಿ ತಿಳಿಸಿದ್ದರು.

ಸಹಾಯದಿಂದ ಬಾಗಿಲು ತೆರೆಯಲಾಯಿತು. ಈ ವೇಳೆ ತುಲಿ ಡೇಟಾ ಕೇಬಲ್‌ನಿಂದ ನೇಣು ಬಿಗಿದುಕೊಂಡಿರುವುದು ಕಂಡು ಬಂದಿದೆ. ತಕ್ಷಣ ಆಕೆಯನ್ನು ಆಸ್ಪತ್ರೆಗೆ ಕರೆದೊಯ್ಯಲಾಯಿತಾದರೂ ಅಷ್ಟರಲ್ಲಿ ಆಕೆ ಸಾವನ್ನಪ್ಪಿರುವುದಾಗಿ ವೈದ್ಯರು ತಿಳಿಸಿದ್ದಾರೆ. ಪ್ರಕರಣದ ತನಿಖೆ ಮುಂದುವರೆದಿದೆ ಎಂದು ಪೊಲೀಸರು ತಿಳಿಸಿದ್ದಾರೆ. ಆರೋಪಿ ಪ್ರಿಯಕರನನ್ನು ನ್ಯಾಯಾಲಯಕ್ಕೆ ಹಾಜರುಪಡಿಸಲಾಗಿದ್ದು ಪೊಲೀಸ್ ಕಸ್ಟಡಿಗೆ ನೀಡಲಾಗಿದೆ.
